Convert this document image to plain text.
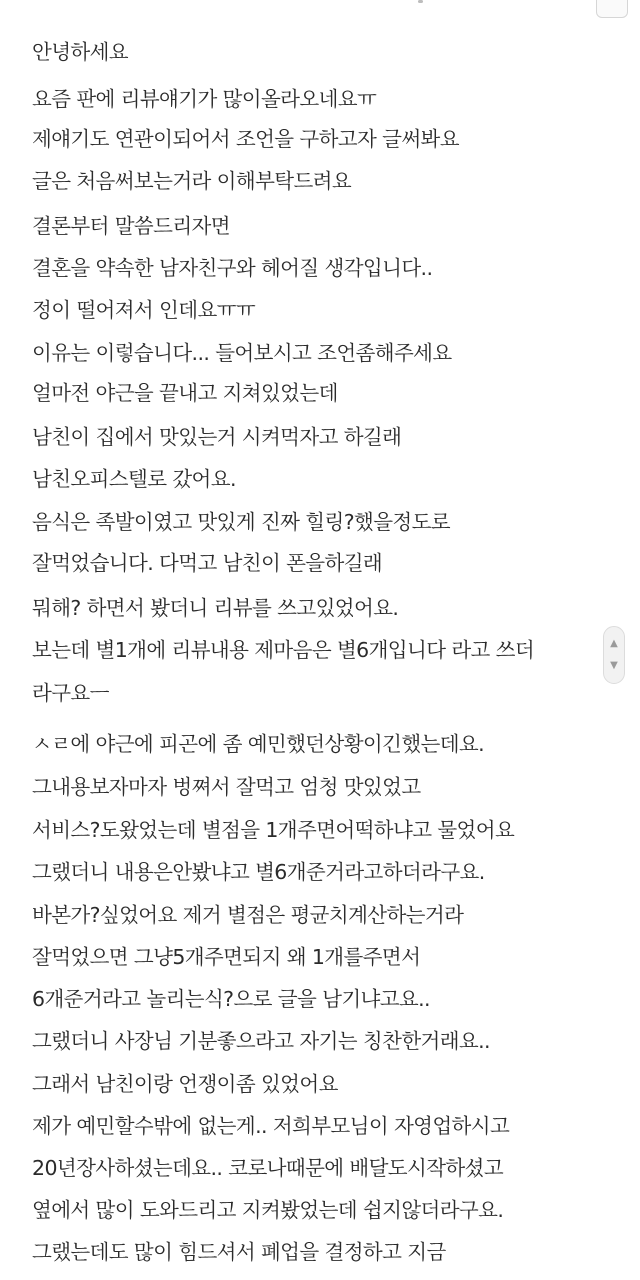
안녕하세요
요즘 판에 리뷰얘기가 많이올라오네요ㅠ
제얘기도 연관이되어서 조언을 구하고자 글써봐요
글은 처음써보는거라 이해부탁드려요
결론부터 말씀드리자면
결혼을 약속한 남자친구와 헤어질 생각입니다..
정이 떨어져서 인데요ㅠㅠ
이유는 이렇습니다... 들어보시고 조언좀해주세요
얼마전 야근을 끝내고 지쳐있었는데
남친이 집에서 맛있는거 시켜먹자고 하길래
남친오피스텔로 갔어요.
음식은 족발이였고 맛있게 진짜 힐링?했을정도로
잘먹었습니다. 다먹고 남친이 폰을하길래
뭐해? 하면서 봤더니 리뷰를 쓰고있었어요.
보는데 별1개에 리뷰내용 제마음은 별6개입니다 라고 쓰더
라구요ㅡ
ㅅㄹ에 야근에 피곤에 좀 예민했던상황이긴했는데요.
그내용보자마자 벙쪄서 잘먹고 엄청 맛있었고
서비스?도왔었는데 별점을 1개주면어떡하냐고 물었어요
그랬더니 내용은안봤냐고 별6개준거라고하더라구요.
바본가?싶었어요 제거 별점은 평균치계산하는거라
잘먹었으면 그냥5개주면되지 왜 1개를주면서
6개준거라고 놀리는식?으로 글을 남기냐고요..
그랬더니 사장님 기분좋으라고 자기는 칭찬한거래요..
그래서 남친이랑 언쟁이좀 있었어요
제가 예민할수밖에 없는게.. 저희부모님이 자영업하시고
20년장사하셨는데요.. 코로나때문에 배달도시작하셨고
옆에서 많이 도와드리고 지켜봤었는데 쉽지않더라구요.
그랬는데도 많이 힘드셔서 폐업을 결정하고 지금
▲
▼
